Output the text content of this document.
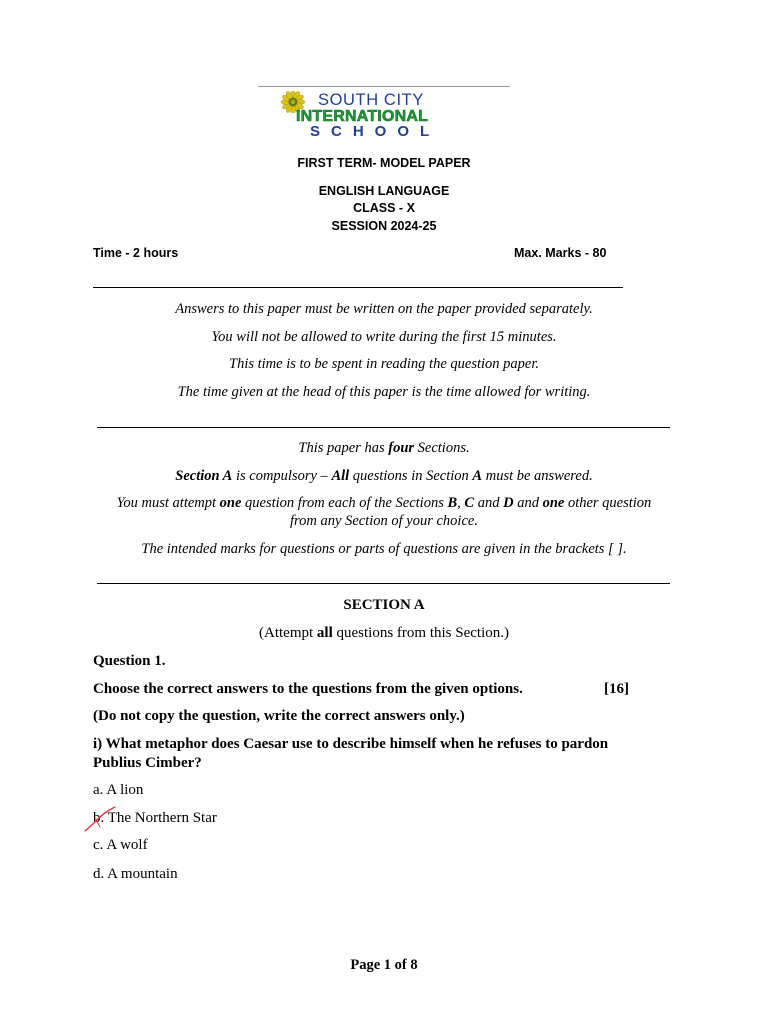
SOUTH CITY
INTERNATIONAL
SCHOOL
FIRST TERM- MODEL PAPER
ENGLISH LANGUAGE
CLASS - X
SESSION 2024-25
Time - 2 hours	Max. Marks - 80
Answers to this paper must be written on the paper provided separately.
You will not be allowed to write during the first 15 minutes.
This time is to be spent in reading the question paper.
The time given at the head of this paper is the time allowed for writing.
This paper has four Sections.
Section A is compulsory – All questions in Section A must be answered.
You must attempt one question from each of the Sections B, C and D and one other question
from any Section of your choice.
The intended marks for questions or parts of questions are given in the brackets [ ].
SECTION A
(Attempt all questions from this Section.)
Question 1.
Choose the correct answers to the questions from the given options.	[16]
(Do not copy the question, write the correct answers only.)
i) What metaphor does Caesar use to describe himself when he refuses to pardon
Publius Cimber?
a. A lion
b. The Northern Star
c. A wolf
d. A mountain
Page 1 of 8
